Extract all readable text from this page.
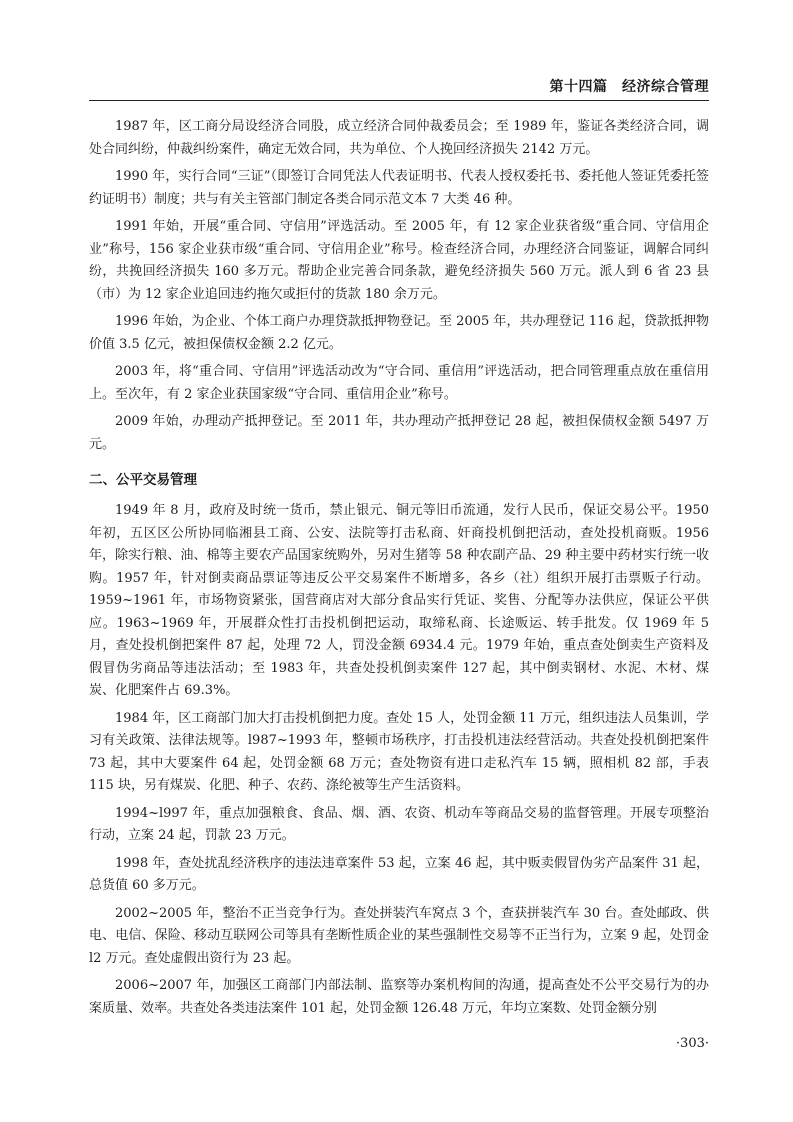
第十四篇　经济综合管理

1987 年，区工商分局设经济合同股，成立经济合同仲裁委员会；至 1989 年，鉴证各类经济合同，调处合同纠纷，仲裁纠纷案件，确定无效合同，共为单位、个人挽回经济损失 2142 万元。

1990 年，实行合同“三证”（即签订合同凭法人代表证明书、代表人授权委托书、委托他人签证凭委托签约证明书）制度；共与有关主管部门制定各类合同示范文本 7 大类 46 种。

1991 年始，开展“重合同、守信用”评选活动。至 2005 年，有 12 家企业获省级“重合同、守信用企业”称号，156 家企业获市级“重合同、守信用企业”称号。检查经济合同，办理经济合同鉴证，调解合同纠纷，共挽回经济损失 160 多万元。帮助企业完善合同条款，避免经济损失 560 万元。派人到 6 省 23 县（市）为 12 家企业追回违约拖欠或拒付的货款 180 余万元。

1996 年始，为企业、个体工商户办理贷款抵押物登记。至 2005 年，共办理登记 116 起，贷款抵押物价值 3.5 亿元，被担保债权金额 2.2 亿元。

2003 年，将“重合同、守信用”评选活动改为“守合同、重信用”评选活动，把合同管理重点放在重信用上。至次年，有 2 家企业获国家级“守合同、重信用企业”称号。

2009 年始，办理动产抵押登记。至 2011 年，共办理动产抵押登记 28 起，被担保债权金额 5497 万元。

二、公平交易管理

1949 年 8 月，政府及时统一货币，禁止银元、铜元等旧币流通，发行人民币，保证交易公平。1950 年初，五区区公所协同临湘县工商、公安、法院等打击私商、奸商投机倒把活动，查处投机商贩。1956 年，除实行粮、油、棉等主要农产品国家统购外，另对生猪等 58 种农副产品、29 种主要中药材实行统一收购。1957 年，针对倒卖商品票证等违反公平交易案件不断增多，各乡（社）组织开展打击票贩子行动。1959~1961 年，市场物资紧张，国营商店对大部分食品实行凭证、奖售、分配等办法供应，保证公平供应。1963~1969 年，开展群众性打击投机倒把运动，取缔私商、长途贩运、转手批发。仅 1969 年 5 月，查处投机倒把案件 87 起，处理 72 人，罚没金额 6934.4 元。1979 年始，重点查处倒卖生产资料及假冒伪劣商品等违法活动；至 1983 年，共查处投机倒卖案件 127 起，其中倒卖钢材、水泥、木材、煤炭、化肥案件占 69.3%。

1984 年，区工商部门加大打击投机倒把力度。查处 15 人，处罚金额 11 万元，组织违法人员集训，学习有关政策、法律法规等。l987~1993 年，整顿市场秩序，打击投机违法经营活动。共查处投机倒把案件 73 起，其中大要案件 64 起，处罚金额 68 万元；查处物资有进口走私汽车 15 辆，照相机 82 部，手表 115 块，另有煤炭、化肥、种子、农药、涤纶被等生产生活资料。

1994~l997 年，重点加强粮食、食品、烟、酒、农资、机动车等商品交易的监督管理。开展专项整治行动，立案 24 起，罚款 23 万元。

1998 年，查处扰乱经济秩序的违法违章案件 53 起，立案 46 起，其中贩卖假冒伪劣产品案件 31 起，总货值 60 多万元。

2002~2005 年，整治不正当竞争行为。查处拼装汽车窝点 3 个，查获拼装汽车 30 台。查处邮政、供电、电信、保险、移动互联网公司等具有垄断性质企业的某些强制性交易等不正当行为，立案 9 起，处罚金 l2 万元。查处虚假出资行为 23 起。

2006~2007 年，加强区工商部门内部法制、监察等办案机构间的沟通，提高查处不公平交易行为的办案质量、效率。共查处各类违法案件 101 起，处罚金额 126.48 万元，年均立案数、处罚金额分别

·303·
